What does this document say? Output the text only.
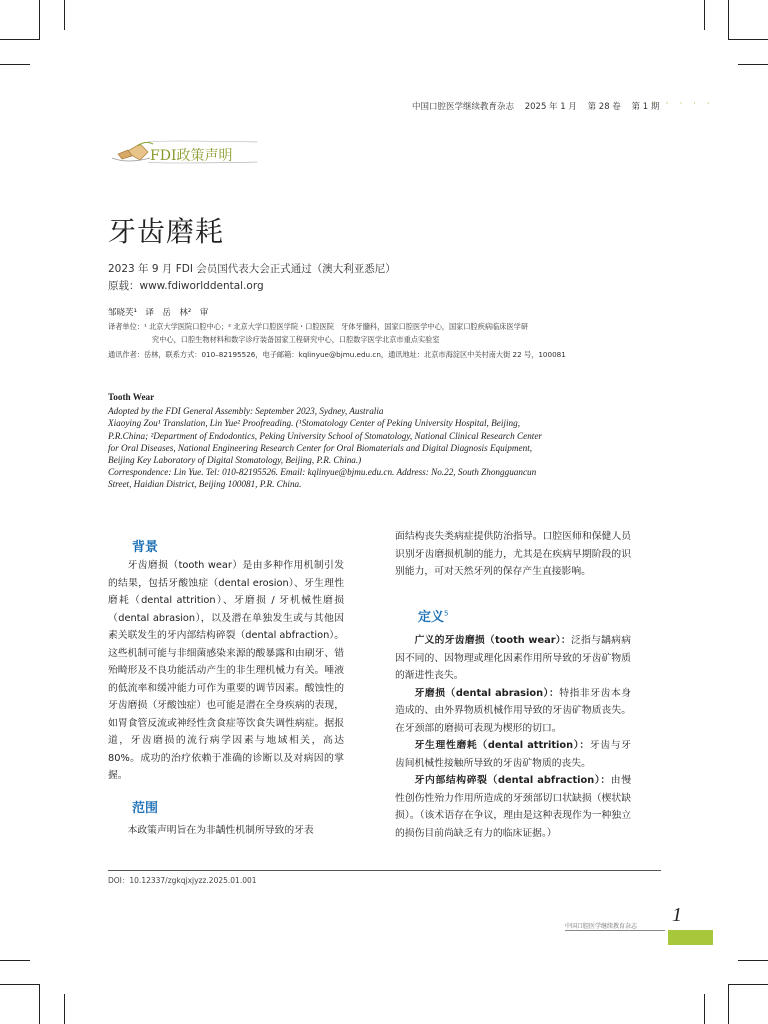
中国口腔医学继续教育杂志 2025 年 1 月 第 28 卷 第 1 期
· · · · ·
FDI政策声明
牙齿磨耗
2023 年 9 月 FDI 会员国代表大会正式通过（澳大利亚悉尼）
原载：www.fdiworlddental.org
邹晓芙¹　译　岳　林²　审
译者单位：¹ 北京大学医院口腔中心；² 北京大学口腔医学院・口腔医院　牙体牙髓科，国家口腔医学中心，国家口腔疾病临床医学研
究中心，口腔生物材料和数字诊疗装备国家工程研究中心，口腔数字医学北京市重点实验室
通讯作者：岳林，联系方式：010–82195526，电子邮箱：kqlinyue@bjmu.edu.cn，通讯地址：北京市海淀区中关村南大街 22 号，100081
Tooth Wear
Adopted by the FDI General Assembly: September 2023, Sydney, Australia
Xiaoying Zou¹ Translation, Lin Yue² Proofreading. (¹Stomatology Center of Peking University Hospital, Beijing,
P.R.China; ²Department of Endodontics, Peking University School of Stomatology, National Clinical Research Center
for Oral Diseases, National Engineering Research Center for Oral Biomaterials and Digital Diagnosis Equipment,
Beijing Key Laboratory of Digital Stomatology, Beijing, P.R. China.)
Correspondence: Lin Yue. Tel: 010-82195526. Email: kqlinyue@bjmu.edu.cn. Address: No.22, South Zhongguancun
Street, Haidian District, Beijing 100081, P.R. China.
背景

牙齿磨损（tooth wear）是由多种作用机制引发的结果，包括牙酸蚀症（dental erosion）、牙生理性磨耗（dental attrition）、牙磨损 / 牙机械性磨损（dental abrasion），以及潜在单独发生或与其他因素关联发生的牙内部结构碎裂（dental abfraction）。这些机制可能与非细菌感染来源的酸暴露和由刷牙、错殆畸形及不良功能活动产生的非生理机械力有关。唾液的低流率和缓冲能力可作为重要的调节因素。酸蚀性的牙齿磨损（牙酸蚀症）也可能是潜在全身疾病的表现，如胃食管反流或神经性贪食症等饮食失调性病症。据报道，牙齿磨损的流行病学因素与地域相关，高达 80%。成功的治疗依赖于准确的诊断以及对病因的掌握。

范围

本政策声明旨在为非龋性机制所导致的牙表

面结构丧失类病症提供防治指导。口腔医师和保健人员识别牙齿磨损机制的能力，尤其是在疾病早期阶段的识别能力，可对天然牙列的保存产生直接影响。

定义$^5$

广义的牙齿磨损（tooth wear）：泛指与龋病病因不同的、因物理或理化因素作用所导致的牙齿矿物质的渐进性丧失。

牙磨损（dental abrasion）：特指非牙齿本身造成的、由外界物质机械作用导致的牙齿矿物质丧失。在牙颈部的磨损可表现为楔形的切口。

牙生理性磨耗（dental attrition）：牙齿与牙齿间机械性接触所导致的牙齿矿物质的丧失。

牙内部结构碎裂（dental abfraction）：由慢性创伤性殆力作用所造成的牙颈部切口状缺损（楔状缺损）。（该术语存在争议，理由是这种表现作为一种独立的损伤目前尚缺乏有力的临床证据。）

DOI：10.12337/zgkqjxjyzz.2025.01.001
中国口腔医学继续教育杂志
1
